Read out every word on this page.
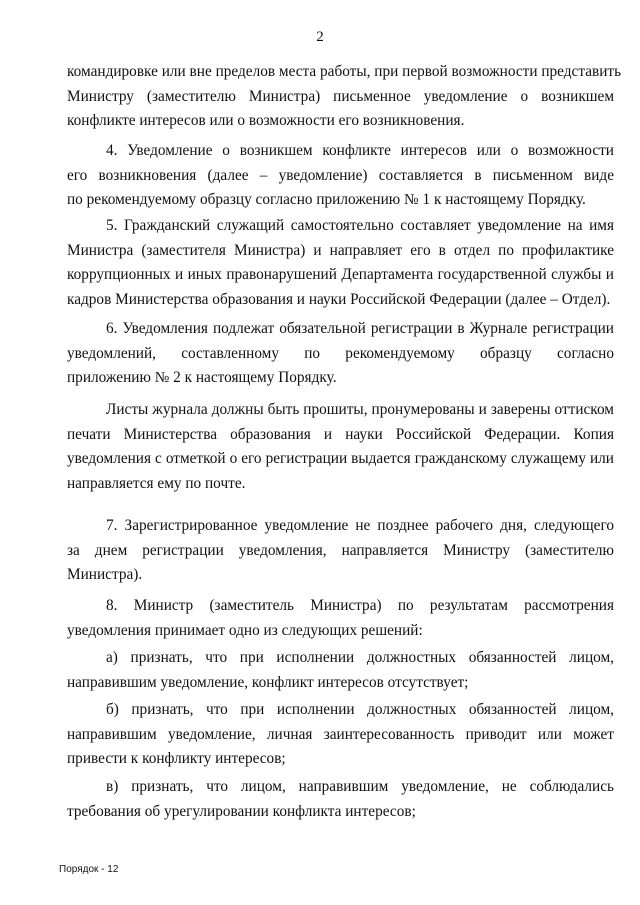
2
командировке или вне пределов места работы, при первой возможности представить
Министру (заместителю Министра) письменное уведомление о возникшем
конфликте интересов или о возможности его возникновения.
4. Уведомление о возникшем конфликте интересов или о возможности
его возникновения (далее – уведомление) составляется в письменном виде
по рекомендуемому образцу согласно приложению № 1 к настоящему Порядку.
5. Гражданский служащий самостоятельно составляет уведомление на имя
Министра (заместителя Министра) и направляет его в отдел по профилактике
коррупционных и иных правонарушений Департамента государственной службы и
кадров Министерства образования и науки Российской Федерации (далее – Отдел).
6. Уведомления подлежат обязательной регистрации в Журнале регистрации
уведомлений, составленному по рекомендуемому образцу согласно
приложению № 2 к настоящему Порядку.
Листы журнала должны быть прошиты, пронумерованы и заверены оттиском
печати Министерства образования и науки Российской Федерации. Копия
уведомления с отметкой о его регистрации выдается гражданскому служащему или
направляется ему по почте.
7. Зарегистрированное уведомление не позднее рабочего дня, следующего
за днем регистрации уведомления, направляется Министру (заместителю
Министра).
8. Министр (заместитель Министра) по результатам рассмотрения
уведомления принимает одно из следующих решений:
а) признать, что при исполнении должностных обязанностей лицом,
направившим уведомление, конфликт интересов отсутствует;
б) признать, что при исполнении должностных обязанностей лицом,
направившим уведомление, личная заинтересованность приводит или может
привести к конфликту интересов;
в) признать, что лицом, направившим уведомление, не соблюдались
требования об урегулировании конфликта интересов;
Порядок - 12
